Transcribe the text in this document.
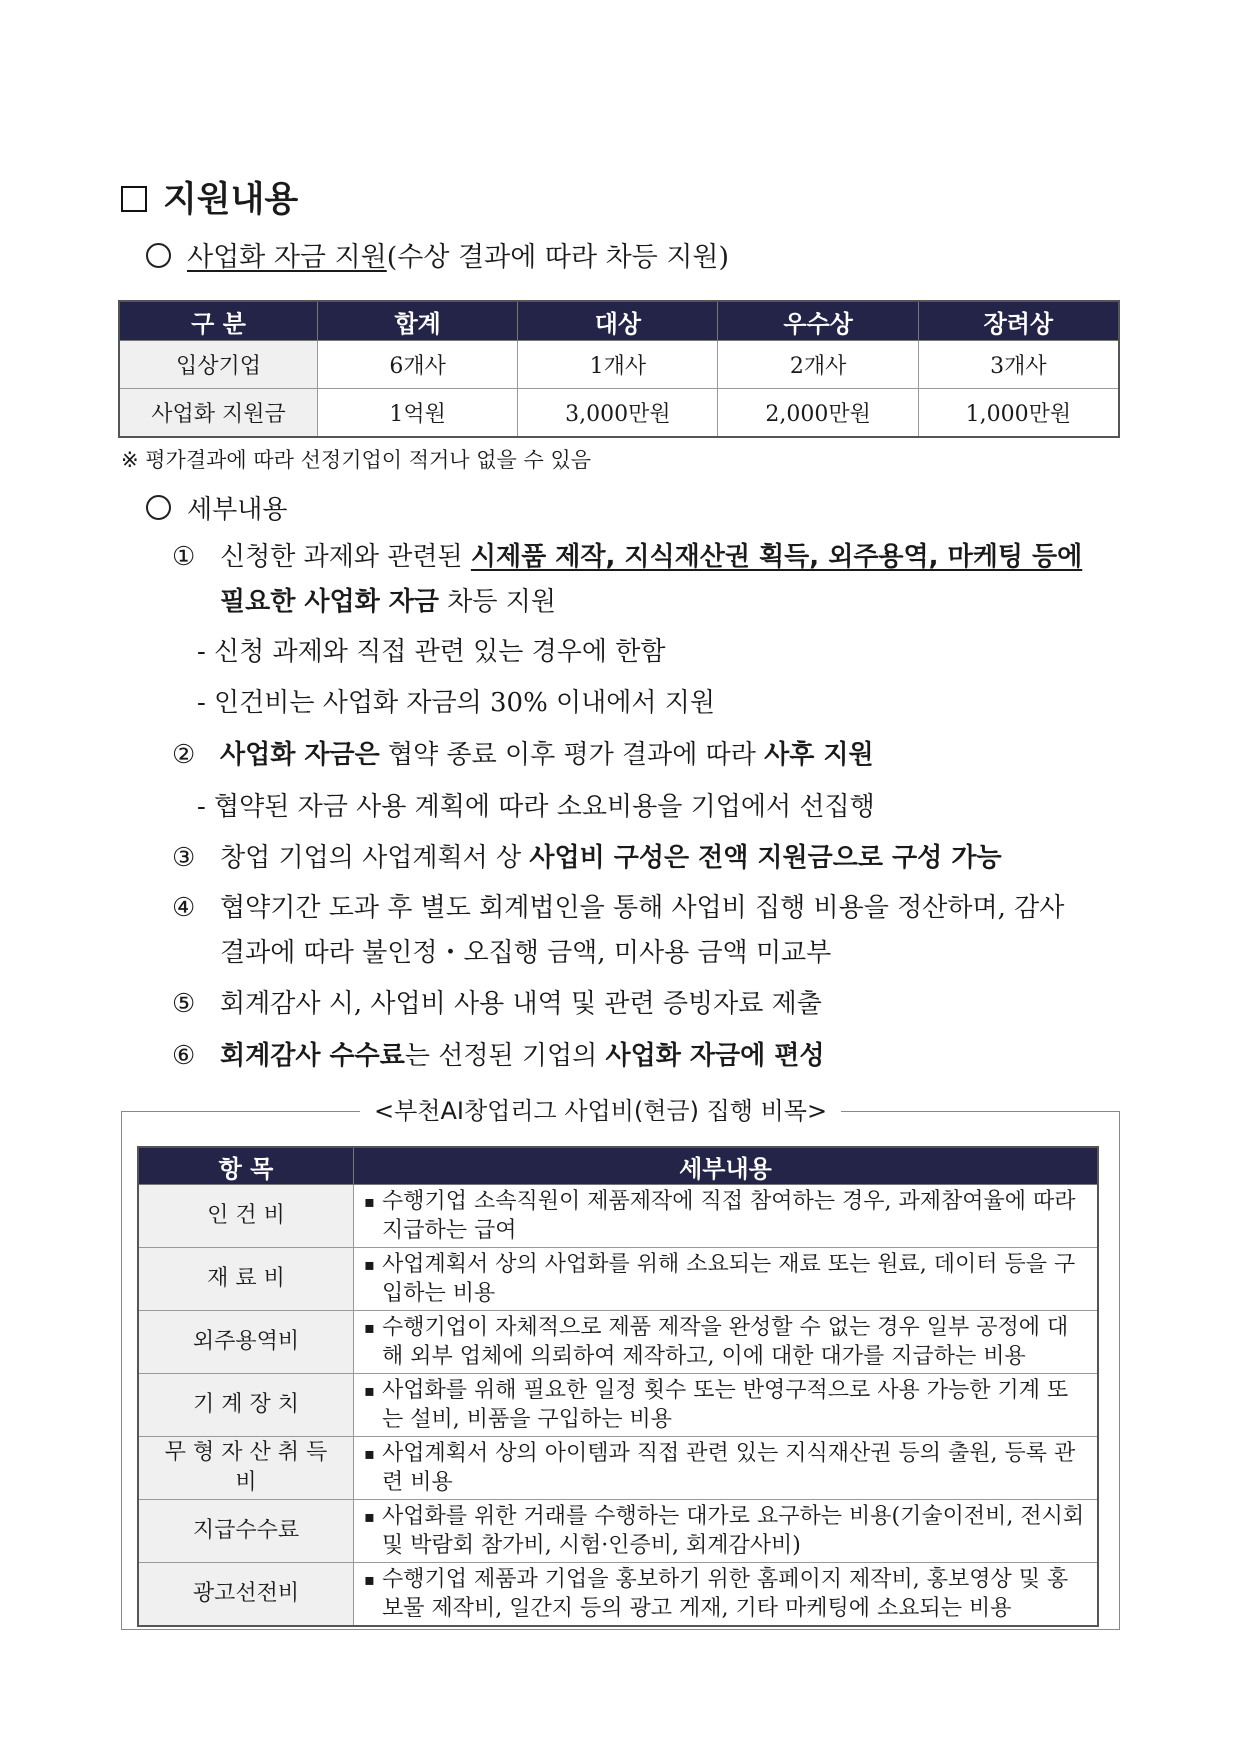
지원내용
사업화 자금 지원(수상 결과에 따라 차등 지원)
구 분	합계	대상	우수상	장려상
입상기업	6개사	1개사	2개사	3개사
사업화 지원금	1억원	3,000만원	2,000만원	1,000만원
※ 평가결과에 따라 선정기업이 적거나 없을 수 있음
세부내용
① 신청한 과제와 관련된 시제품 제작, 지식재산권 획득, 외주용역, 마케팅 등에
필요한 사업화 자금 차등 지원
- 신청 과제와 직접 관련 있는 경우에 한함
- 인건비는 사업화 자금의 30% 이내에서 지원
② 사업화 자금은 협약 종료 이후 평가 결과에 따라 사후 지원
- 협약된 자금 사용 계획에 따라 소요비용을 기업에서 선집행
③ 창업 기업의 사업계획서 상 사업비 구성은 전액 지원금으로 구성 가능
④ 협약기간 도과 후 별도 회계법인을 통해 사업비 집행 비용을 정산하며, 감사
결과에 따라 불인정・오집행 금액, 미사용 금액 미교부
⑤ 회계감사 시, 사업비 사용 내역 및 관련 증빙자료 제출
⑥ 회계감사 수수료는 선정된 기업의 사업화 자금에 편성
<부천AI창업리그 사업비(현금) 집행 비목>
항 목	세부내용
인 건 비	▪ 수행기업 소속직원이 제품제작에 직접 참여하는 경우, 과제참여율에 따라 지급하는 급여

재 료 비	▪ 사업계획서 상의 사업화를 위해 소요되는 재료 또는 원료, 데이터 등을 구입하는 비용

외주용역비	▪ 수행기업이 자체적으로 제품 제작을 완성할 수 없는 경우 일부 공정에 대해 외부 업체에 의뢰하여 제작하고, 이에 대한 대가를 지급하는 비용

기 계 장 치	▪ 사업화를 위해 필요한 일정 횟수 또는 반영구적으로 사용 가능한 기계 또는 설비, 비품을 구입하는 비용

무 형 자 산 취 득 비	▪ 사업계획서 상의 아이템과 직접 관련 있는 지식재산권 등의 출원, 등록 관련 비용

지급수수료	▪ 사업화를 위한 거래를 수행하는 대가로 요구하는 비용(기술이전비, 전시회 및 박람회 참가비, 시험·인증비, 회계감사비)

광고선전비	▪ 수행기업 제품과 기업을 홍보하기 위한 홈페이지 제작비, 홍보영상 및 홍보물 제작비, 일간지 등의 광고 게재, 기타 마케팅에 소요되는 비용
